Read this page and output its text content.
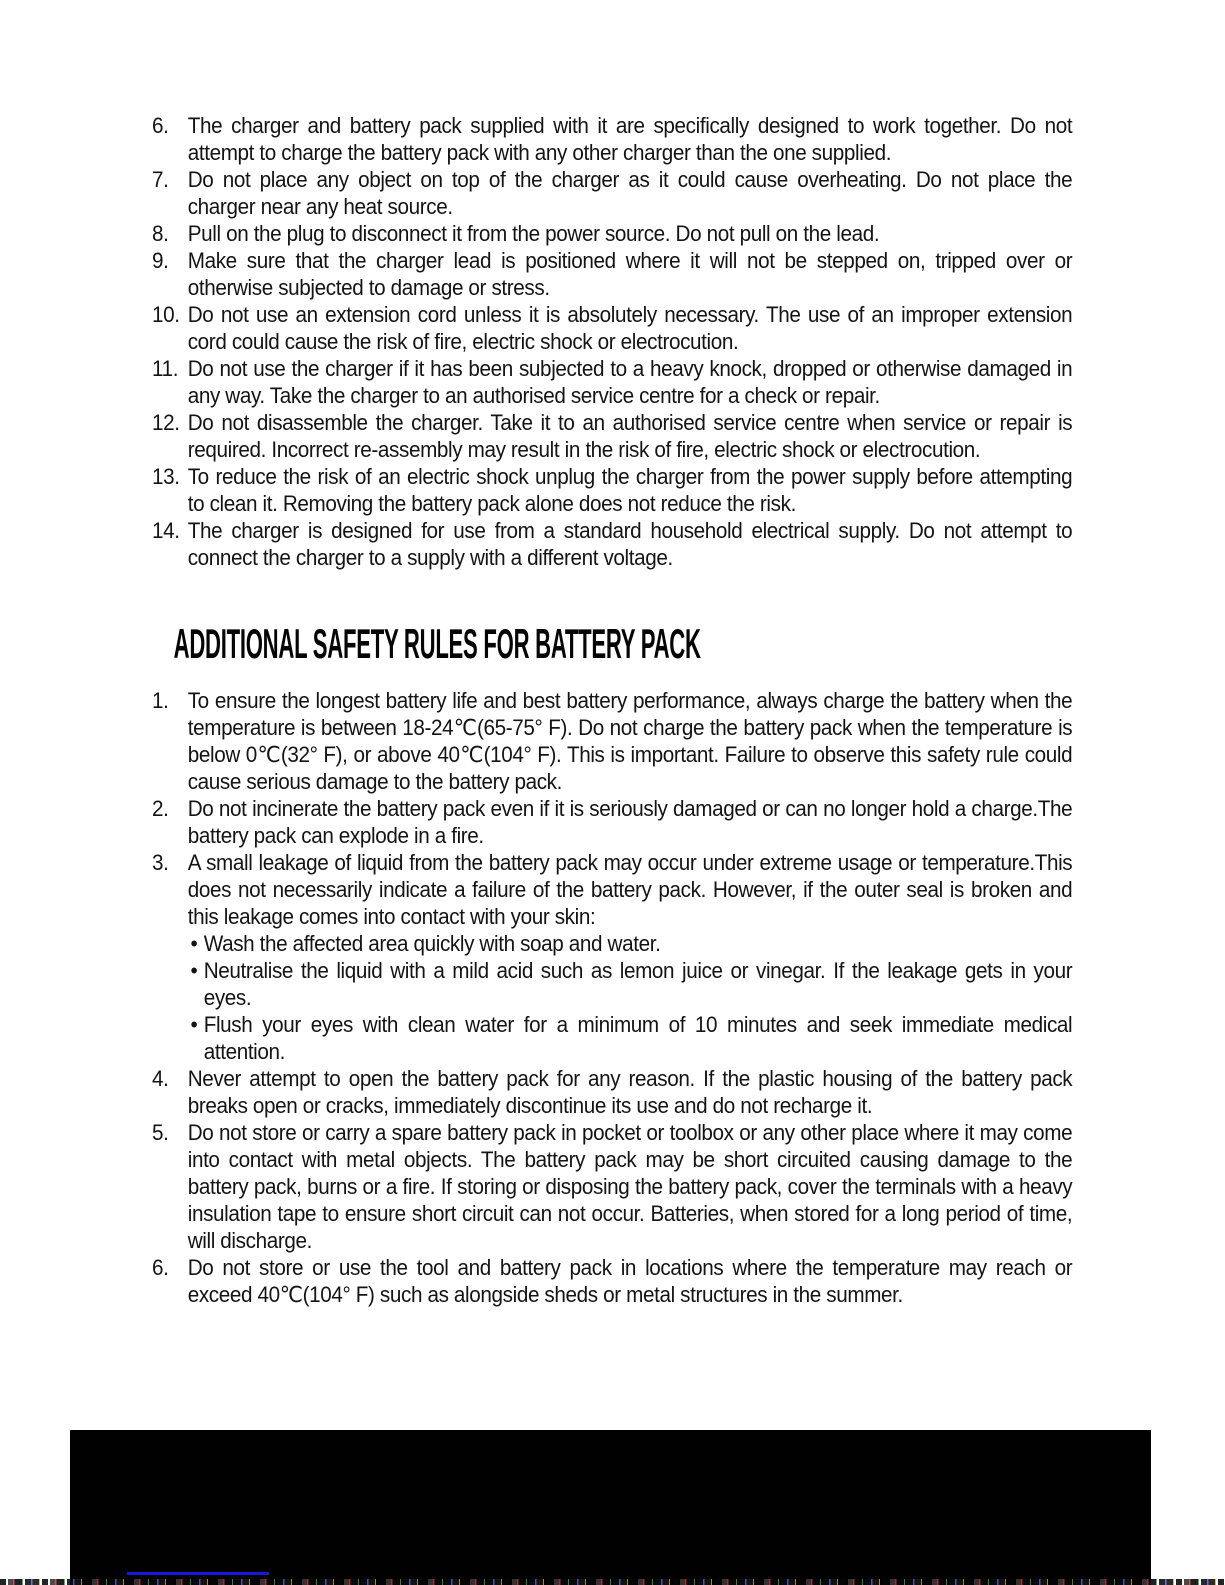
6. The charger and battery pack supplied with it are specifically designed to work together. Do not attempt to charge the battery pack with any other charger than the one supplied.
7. Do not place any object on top of the charger as it could cause overheating. Do not place the charger near any heat source.
8. Pull on the plug to disconnect it from the power source. Do not pull on the lead.
9. Make sure that the charger lead is positioned where it will not be stepped on, tripped over or otherwise subjected to damage or stress.
10. Do not use an extension cord unless it is absolutely necessary. The use of an improper extension cord could cause the risk of fire, electric shock or electrocution.
11. Do not use the charger if it has been subjected to a heavy knock, dropped or otherwise damaged in any way. Take the charger to an authorised service centre for a check or repair.
12. Do not disassemble the charger. Take it to an authorised service centre when service or repair is required. Incorrect re-assembly may result in the risk of fire, electric shock or electrocution.
13. To reduce the risk of an electric shock unplug the charger from the power supply before attempting to clean it. Removing the battery pack alone does not reduce the risk.
14. The charger is designed for use from a standard household electrical supply. Do not attempt to connect the charger to a supply with a different voltage.
ADDITIONAL SAFETY RULES FOR BATTERY PACK
1. To ensure the longest battery life and best battery performance, always charge the battery when the temperature is between 18-24℃(65-75° F). Do not charge the battery pack when the temperature is below 0℃(32° F), or above 40℃(104° F). This is important. Failure to observe this safety rule could cause serious damage to the battery pack.
2. Do not incinerate the battery pack even if it is seriously damaged or can no longer hold a charge.The battery pack can explode in a fire.
3. A small leakage of liquid from the battery pack may occur under extreme usage or temperature.This does not necessarily indicate a failure of the battery pack. However, if the outer seal is broken and this leakage comes into contact with your skin:
• Wash the affected area quickly with soap and water.
• Neutralise the liquid with a mild acid such as lemon juice or vinegar. If the leakage gets in your eyes.
• Flush your eyes with clean water for a minimum of 10 minutes and seek immediate medical attention.
4. Never attempt to open the battery pack for any reason. If the plastic housing of the battery pack breaks open or cracks, immediately discontinue its use and do not recharge it.
5. Do not store or carry a spare battery pack in pocket or toolbox or any other place where it may come into contact with metal objects. The battery pack may be short circuited causing damage to the battery pack, burns or a fire. If storing or disposing the battery pack, cover the terminals with a heavy insulation tape to ensure short circuit can not occur. Batteries, when stored for a long period of time, will discharge.
6. Do not store or use the tool and battery pack in locations where the temperature may reach or exceed 40℃(104° F) such as alongside sheds or metal structures in the summer.
